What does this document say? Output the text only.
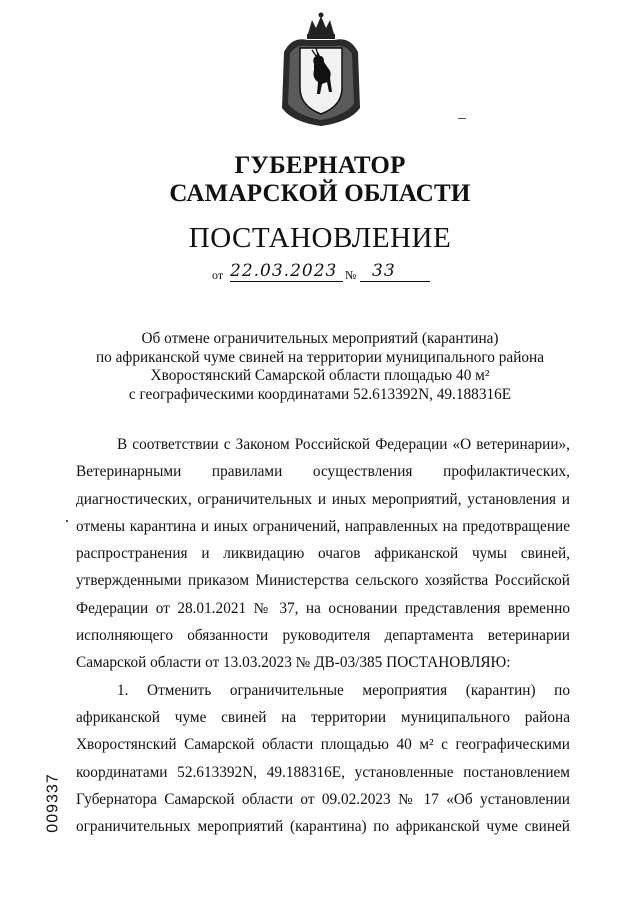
ГУБЕРНАТОР
САМАРСКОЙ ОБЛАСТИ
ПОСТАНОВЛЕНИЕ
от 22.03.2023 № 33
Об отмене ограничительных мероприятий (карантина)
по африканской чуме свиней на территории муниципального района
Хворостянский Самарской области площадью 40 м²
с географическими координатами 52.613392N, 49.188316E
В соответствии с Законом Российской Федерации «О ветеринарии»,
Ветеринарными правилами осуществления профилактических,
диагностических, ограничительных и иных мероприятий, установления и
отмены карантина и иных ограничений, направленных на предотвращение
распространения и ликвидацию очагов африканской чумы свиней,
утвержденными приказом Министерства сельского хозяйства Российской
Федерации от 28.01.2021 № 37, на основании представления временно
исполняющего обязанности руководителя департамента ветеринарии
Самарской области от 13.03.2023 № ДВ-03/385 ПОСТАНОВЛЯЮ:
1. Отменить ограничительные мероприятия (карантин) по
африканской чуме свиней на территории муниципального района
Хворостянский Самарской области площадью 40 м² с географическими
координатами 52.613392N, 49.188316E, установленные постановлением
Губернатора Самарской области от 09.02.2023 № 17 «Об установлении
ограничительных мероприятий (карантина) по африканской чуме свиней
009337
